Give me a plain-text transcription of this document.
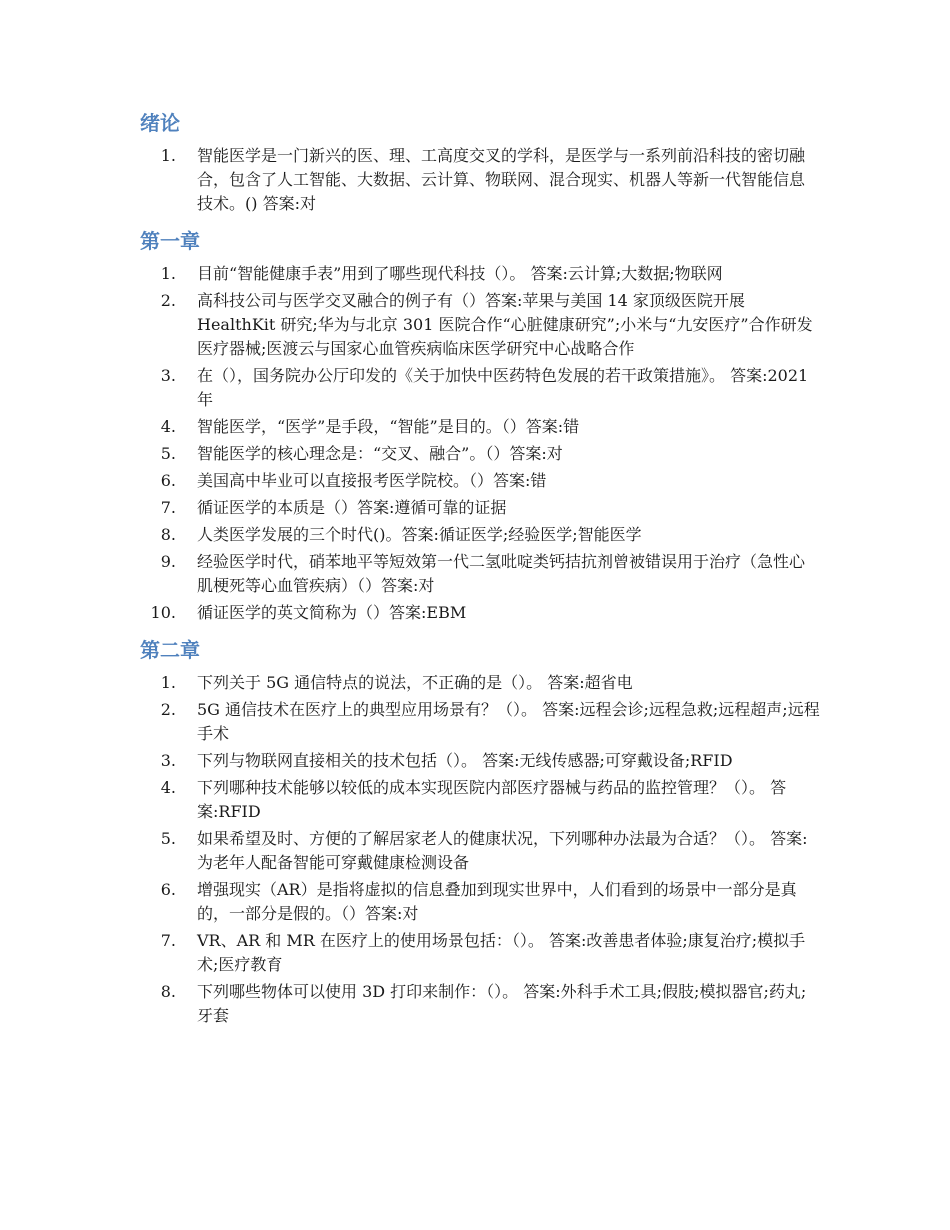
绪论
1. 智能医学是一门新兴的医、理、工高度交叉的学科，是医学与一系列前沿科技的密切融合，包含了人工智能、大数据、云计算、物联网、混合现实、机器人等新一代智能信息技术。() 答案:对
第一章
1. 目前“智能健康手表”用到了哪些现代科技（）。 答案:云计算;大数据;物联网
2. 高科技公司与医学交叉融合的例子有（）答案:苹果与美国 14 家顶级医院开展 HealthKit 研究;华为与北京 301 医院合作“心脏健康研究”;小米与“九安医疗”合作研发医疗器械;医渡云与国家心血管疾病临床医学研究中心战略合作
3. 在（），国务院办公厅印发的《关于加快中医药特色发展的若干政策措施》。 答案:2021 年
4. 智能医学，“医学”是手段，“智能”是目的。（）答案:错
5. 智能医学的核心理念是：“交叉、融合”。（）答案:对
6. 美国高中毕业可以直接报考医学院校。（）答案:错
7. 循证医学的本质是（）答案:遵循可靠的证据
8. 人类医学发展的三个时代()。答案:循证医学;经验医学;智能医学
9. 经验医学时代，硝苯地平等短效第一代二氢吡啶类钙拮抗剂曾被错误用于治疗（急性心肌梗死等心血管疾病）（）答案:对
10. 循证医学的英文简称为（）答案:EBM
第二章
1. 下列关于 5G 通信特点的说法，不正确的是（）。 答案:超省电
2. 5G 通信技术在医疗上的典型应用场景有？（）。 答案:远程会诊;远程急救;远程超声;远程手术
3. 下列与物联网直接相关的技术包括（）。 答案:无线传感器;可穿戴设备;RFID
4. 下列哪种技术能够以较低的成本实现医院内部医疗器械与药品的监控管理？（）。 答案:RFID
5. 如果希望及时、方便的了解居家老人的健康状况，下列哪种办法最为合适？（）。 答案:为老年人配备智能可穿戴健康检测设备
6. 增强现实（AR）是指将虚拟的信息叠加到现实世界中，人们看到的场景中一部分是真的，一部分是假的。（）答案:对
7. VR、AR 和 MR 在医疗上的使用场景包括：（）。 答案:改善患者体验;康复治疗;模拟手术;医疗教育
8. 下列哪些物体可以使用 3D 打印来制作：（）。 答案:外科手术工具;假肢;模拟器官;药丸;牙套
